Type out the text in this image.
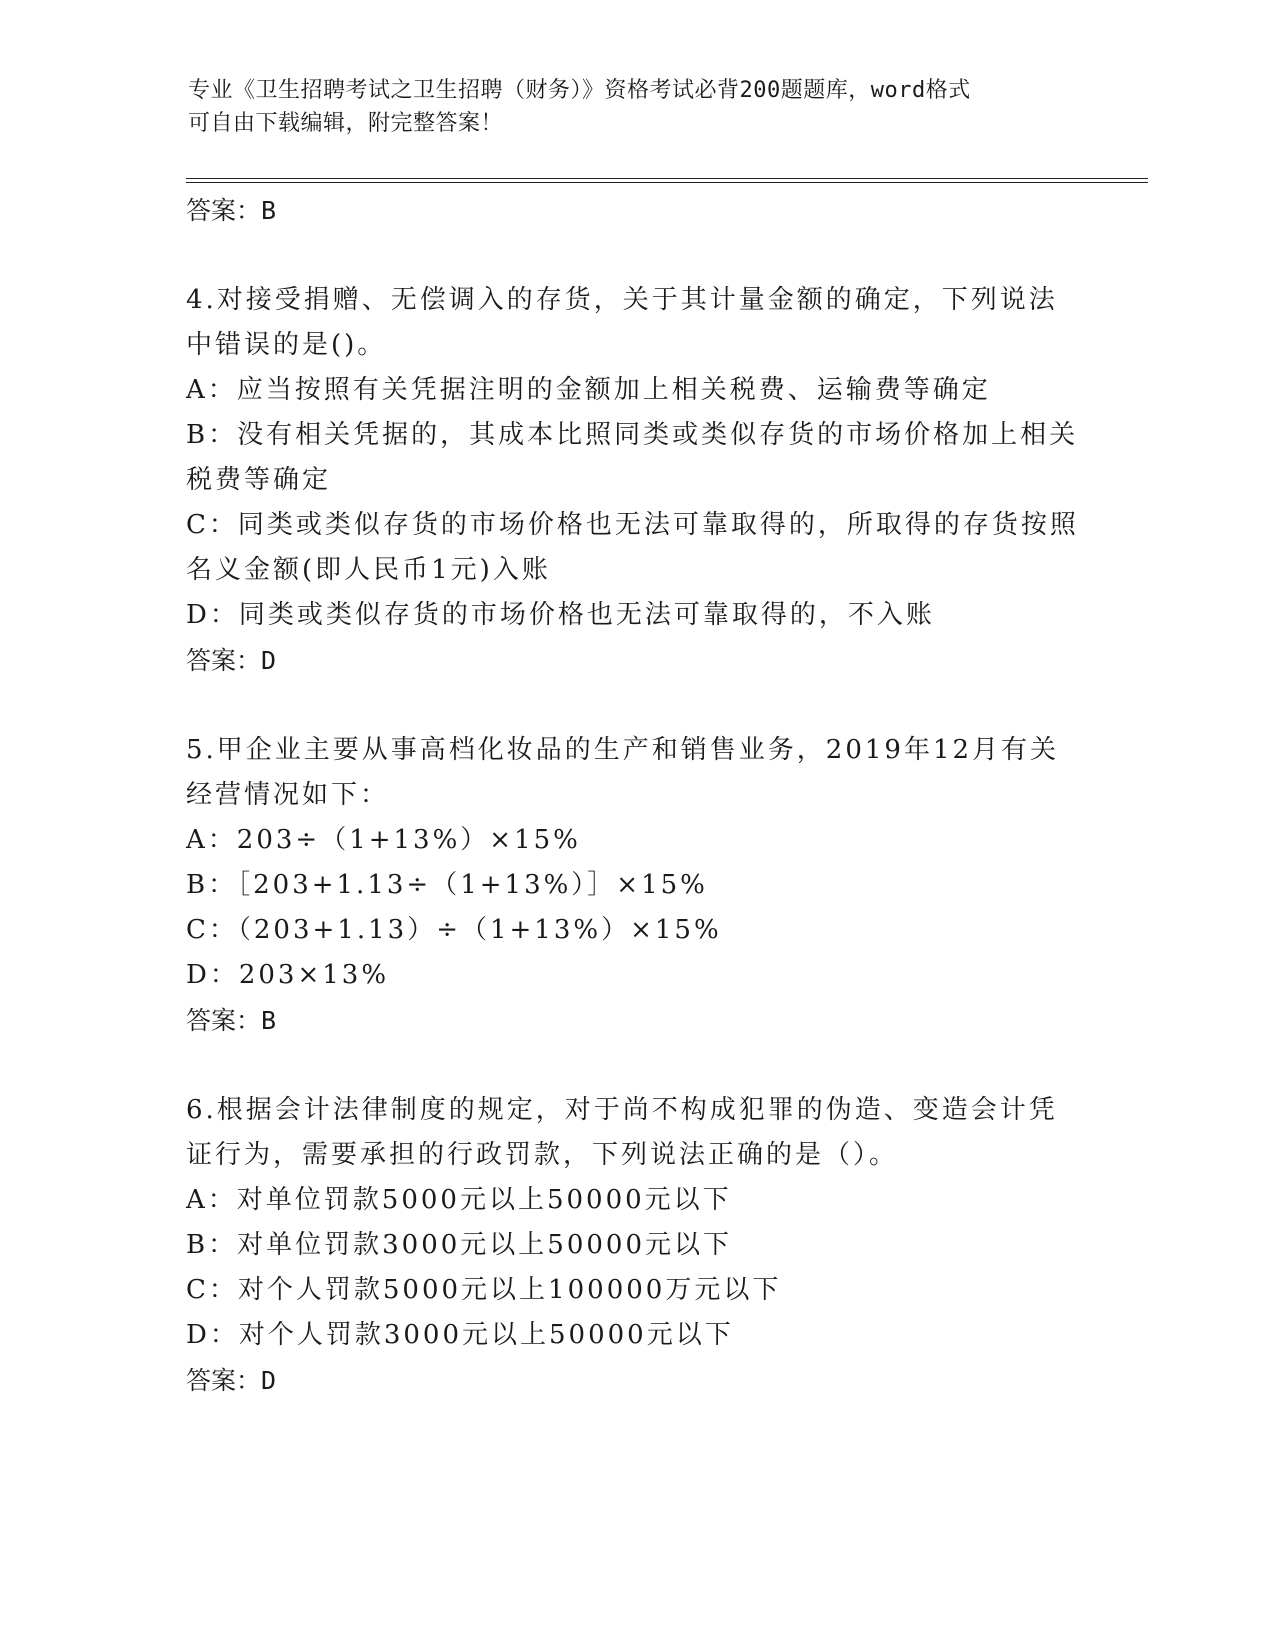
专业《卫生招聘考试之卫生招聘（财务）》资格考试必背200题题库，word格式
可自由下载编辑，附完整答案！
答案：B
4.对接受捐赠、无偿调入的存货，关于其计量金额的确定，下列说法中错误的是()。
A：应当按照有关凭据注明的金额加上相关税费、运输费等确定
B：没有相关凭据的，其成本比照同类或类似存货的市场价格加上相关税费等确定
C：同类或类似存货的市场价格也无法可靠取得的，所取得的存货按照名义金额(即人民币1元)入账
D：同类或类似存货的市场价格也无法可靠取得的，不入账
答案：D
5.甲企业主要从事高档化妆品的生产和销售业务，2019年12月有关经营情况如下：
A：203÷（1+13%）×15%
B：［203+1.13÷（1+13%）］×15%
C：（203+1.13）÷（1+13%）×15%
D：203×13%
答案：B
6.根据会计法律制度的规定，对于尚不构成犯罪的伪造、变造会计凭证行为，需要承担的行政罚款，下列说法正确的是（）。
A：对单位罚款5000元以上50000元以下
B：对单位罚款3000元以上50000元以下
C：对个人罚款5000元以上100000万元以下
D：对个人罚款3000元以上50000元以下
答案：D
